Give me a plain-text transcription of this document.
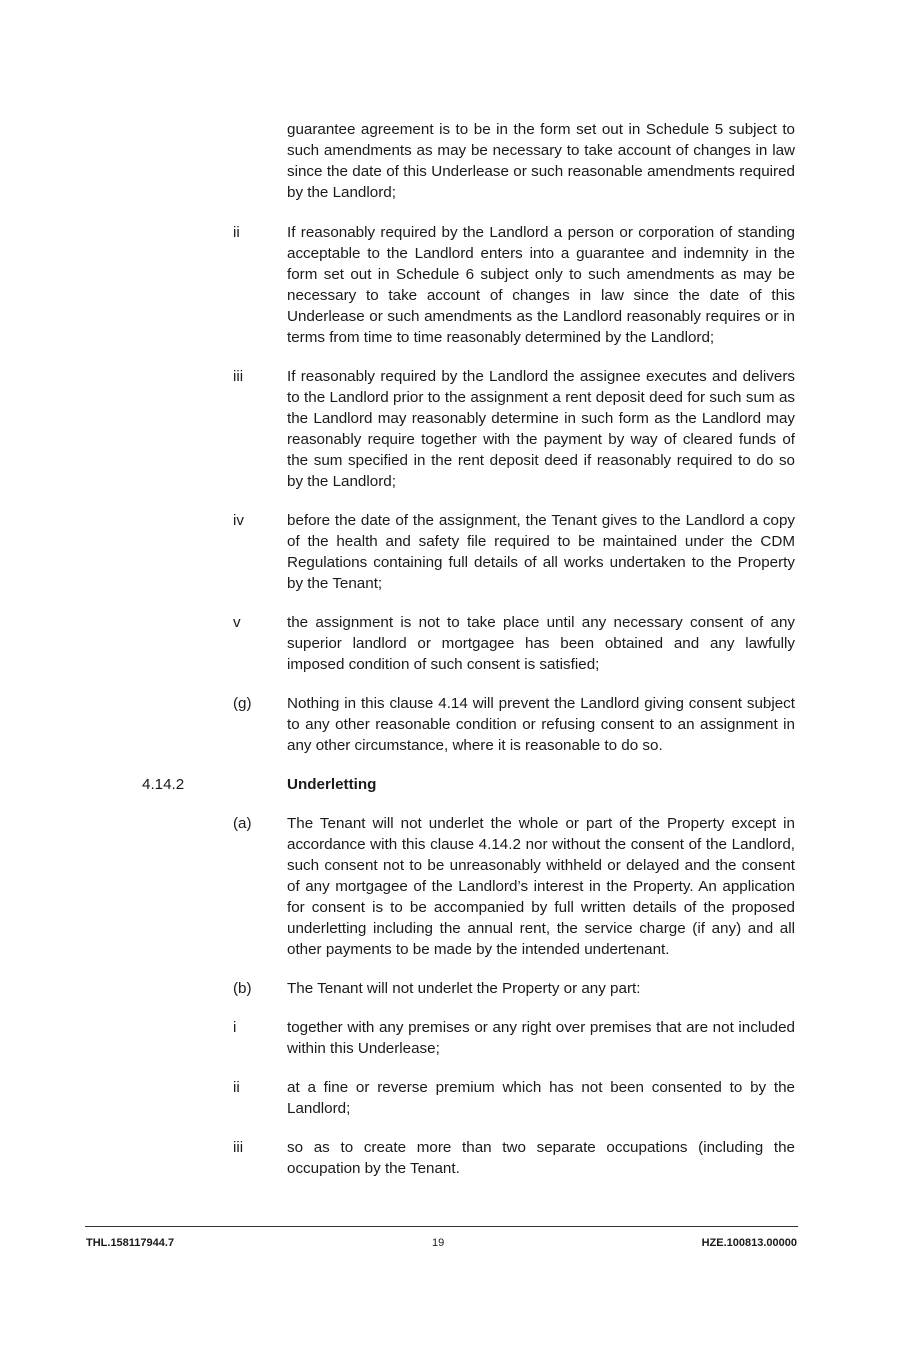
guarantee agreement is to be in the form set out in Schedule 5 subject to such amendments as may be necessary to take account of changes in law since the date of this Underlease or such reasonable amendments required by the Landlord;

ii	If reasonably required by the Landlord a person or corporation of standing acceptable to the Landlord enters into a guarantee and indemnity in the form set out in Schedule 6 subject only to such amendments as may be necessary to take account of changes in law since the date of this Underlease or such amendments as the Landlord reasonably requires or in terms from time to time reasonably determined by the Landlord;

iii	If reasonably required by the Landlord the assignee executes and delivers to the Landlord prior to the assignment a rent deposit deed for such sum as the Landlord may reasonably determine in such form as the Landlord may reasonably require together with the payment by way of cleared funds of the sum specified in the rent deposit deed if reasonably required to do so by the Landlord;

iv	before the date of the assignment, the Tenant gives to the Landlord a copy of the health and safety file required to be maintained under the CDM Regulations containing full details of all works undertaken to the Property by the Tenant;

v	the assignment is not to take place until any necessary consent of any superior landlord or mortgagee has been obtained and any lawfully imposed condition of such consent is satisfied;

(g) Nothing in this clause 4.14 will prevent the Landlord giving consent subject to any other reasonable condition or refusing consent to an assignment in any other circumstance, where it is reasonable to do so.

4.14.2	Underletting
(a) The Tenant will not underlet the whole or part of the Property except in accordance with this clause 4.14.2 nor without the consent of the Landlord, such consent not to be unreasonably withheld or delayed and the consent of any mortgagee of the Landlord’s interest in the Property. An application for consent is to be accompanied by full written details of the proposed underletting including the annual rent, the service charge (if any) and all other payments to be made by the intended undertenant.

(b) The Tenant will not underlet the Property or any part:

i	together with any premises or any right over premises that are not included within this Underlease;

ii	at a fine or reverse premium which has not been consented to by the Landlord;

iii	so as to create more than two separate occupations (including the occupation by the Tenant.

THL.158117944.7	19	HZE.100813.00000
